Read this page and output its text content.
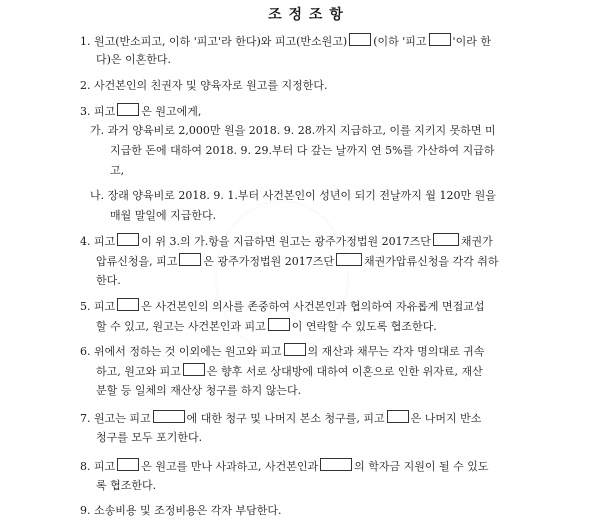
조 정 조 항
1. 원고(반소피고, 이하 '피고'라 한다)와 피고(반소원고) (이하 '피고 '이라 한
다)은 이혼한다.
2. 사건본인의 친권자 및 양육자로 원고를 지정한다.
3. 피고 은 원고에게,
가. 과거 양육비로 2,000만 원을 2018. 9. 28.까지 지급하고, 이를 지키지 못하면 미
지급한 돈에 대하여 2018. 9. 29.부터 다 갚는 날까지 연 5%를 가산하여 지급하
고,
나. 장래 양육비로 2018. 9. 1.부터 사건본인이 성년이 되기 전날까지 월 120만 원을
매월 말일에 지급한다.
4. 피고 이 위 3.의 가.항을 지급하면 원고는 광주가정법원 2017즈단	채권가
압류신청을, 피고 은 광주가정법원 2017즈단	채권가압류신청을 각각 취하
한다.
5. 피고 은 사건본인의 의사를 존중하여 사건본인과 협의하여 자유롭게 면접교섭
할 수 있고, 원고는 사건본인과 피고 이 연락할 수 있도록 협조한다.
6. 위에서 정하는 것 이외에는 원고와 피고 의 재산과 채무는 각자 명의대로 귀속
하고, 원고와 피고 은 향후 서로 상대방에 대하여 이혼으로 인한 위자료, 재산
분할 등 일체의 재산상 청구를 하지 않는다.
7. 원고는 피고	에 대한 청구 및 나머지 본소 청구를, 피고 은 나머지 반소
청구를 모두 포기한다.
8. 피고 은 원고를 만나 사과하고, 사건본인과	의 학자금 지원이 될 수 있도
록 협조한다.
9. 소송비용 및 조정비용은 각자 부담한다.
